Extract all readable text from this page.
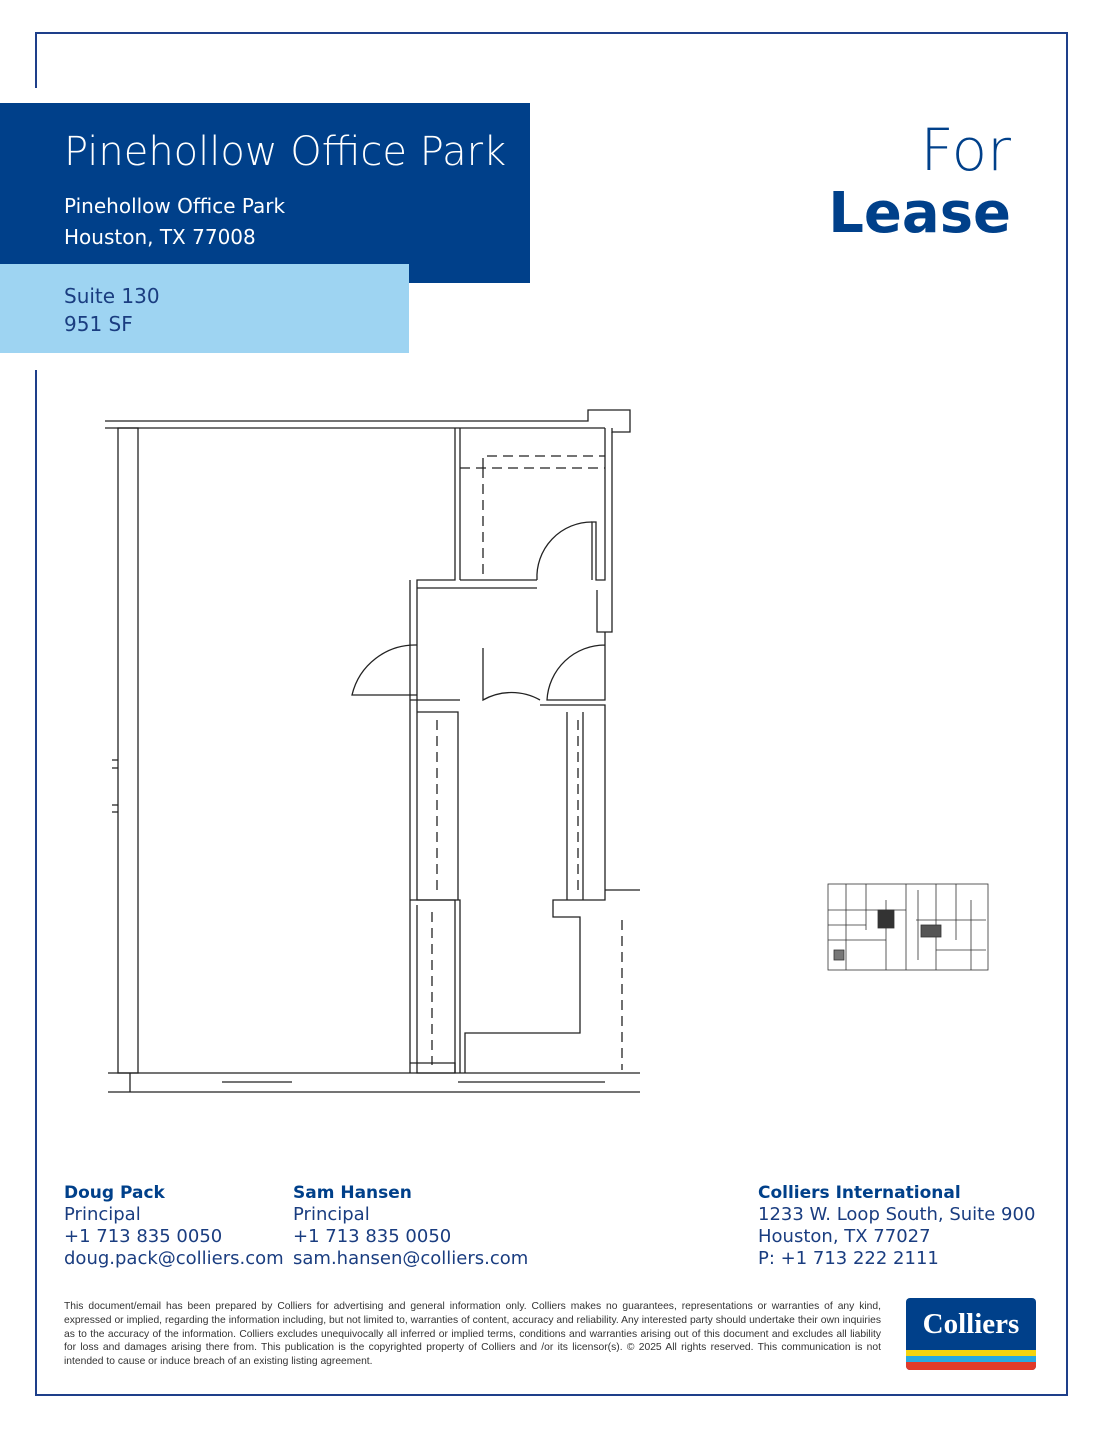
Pinehollow Office Park
Pinehollow Office Park
Houston, TX 77008
Suite 130
951 SF
For
Lease
Doug Pack
Principal
+1 713 835 0050
doug.pack@colliers.com
Sam Hansen
Principal
+1 713 835 0050
sam.hansen@colliers.com
Colliers International
1233 W. Loop South, Suite 900
Houston, TX 77027
P: +1 713 222 2111
This document/email has been prepared by Colliers for advertising and general information only. Colliers makes no guarantees, representations or warranties of any kind, expressed or implied, regarding the information including, but not limited to, warranties of content, accuracy and reliability. Any interested party should undertake their own inquiries as to the accuracy of the information. Colliers excludes unequivocally all inferred or implied terms, conditions and warranties arising out of this document and excludes all liability for loss and damages arising there from. This publication is the copyrighted property of Colliers and /or its licensor(s). © 2025 All rights reserved. This communication is not intended to cause or induce breach of an existing listing agreement.
Colliers
